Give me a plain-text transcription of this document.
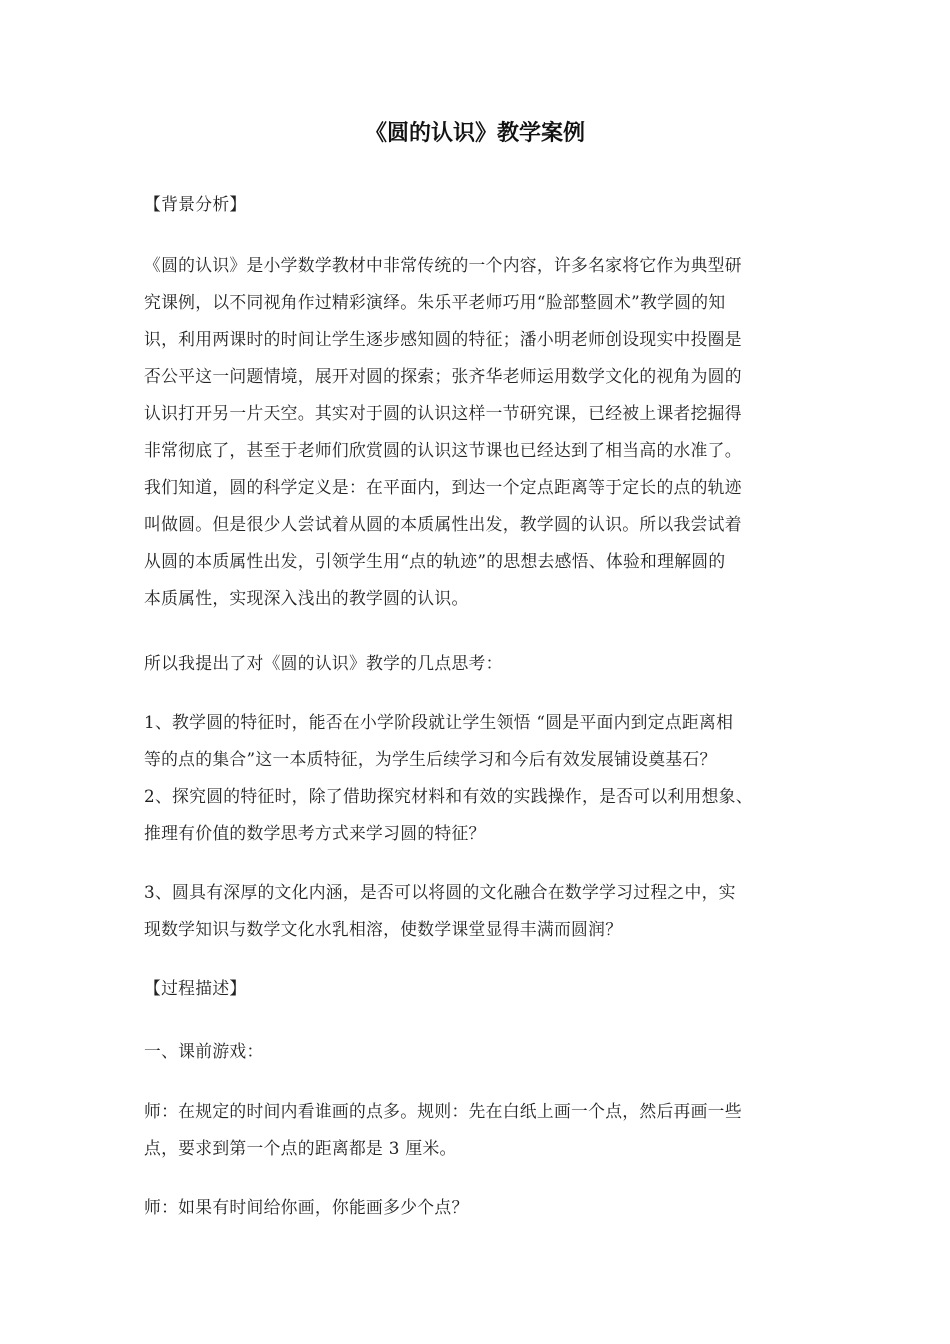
《圆的认识》教学案例
【背景分析】
《圆的认识》是小学数学教材中非常传统的一个内容，许多名家将它作为典型研
究课例，以不同视角作过精彩演绎。朱乐平老师巧用“脸部整圆术”教学圆的知
识，利用两课时的时间让学生逐步感知圆的特征；潘小明老师创设现实中投圈是
否公平这一问题情境，展开对圆的探索；张齐华老师运用数学文化的视角为圆的
认识打开另一片天空。其实对于圆的认识这样一节研究课，已经被上课者挖掘得
非常彻底了，甚至于老师们欣赏圆的认识这节课也已经达到了相当高的水准了。
我们知道，圆的科学定义是：在平面内，到达一个定点距离等于定长的点的轨迹
叫做圆。但是很少人尝试着从圆的本质属性出发，教学圆的认识。所以我尝试着
从圆的本质属性出发，引领学生用“点的轨迹”的思想去感悟、体验和理解圆的
本质属性，实现深入浅出的教学圆的认识。
所以我提出了对《圆的认识》教学的几点思考：
1、教学圆的特征时，能否在小学阶段就让学生领悟 “圆是平面内到定点距离相
等的点的集合”这一本质特征，为学生后续学习和今后有效发展铺设奠基石？
2、探究圆的特征时，除了借助探究材料和有效的实践操作，是否可以利用想象、
推理有价值的数学思考方式来学习圆的特征？
3、圆具有深厚的文化内涵，是否可以将圆的文化融合在数学学习过程之中，实
现数学知识与数学文化水乳相溶，使数学课堂显得丰满而圆润？
【过程描述】
一、课前游戏：
师：在规定的时间内看谁画的点多。规则：先在白纸上画一个点，然后再画一些
点，要求到第一个点的距离都是 3 厘米。
师：如果有时间给你画，你能画多少个点？
